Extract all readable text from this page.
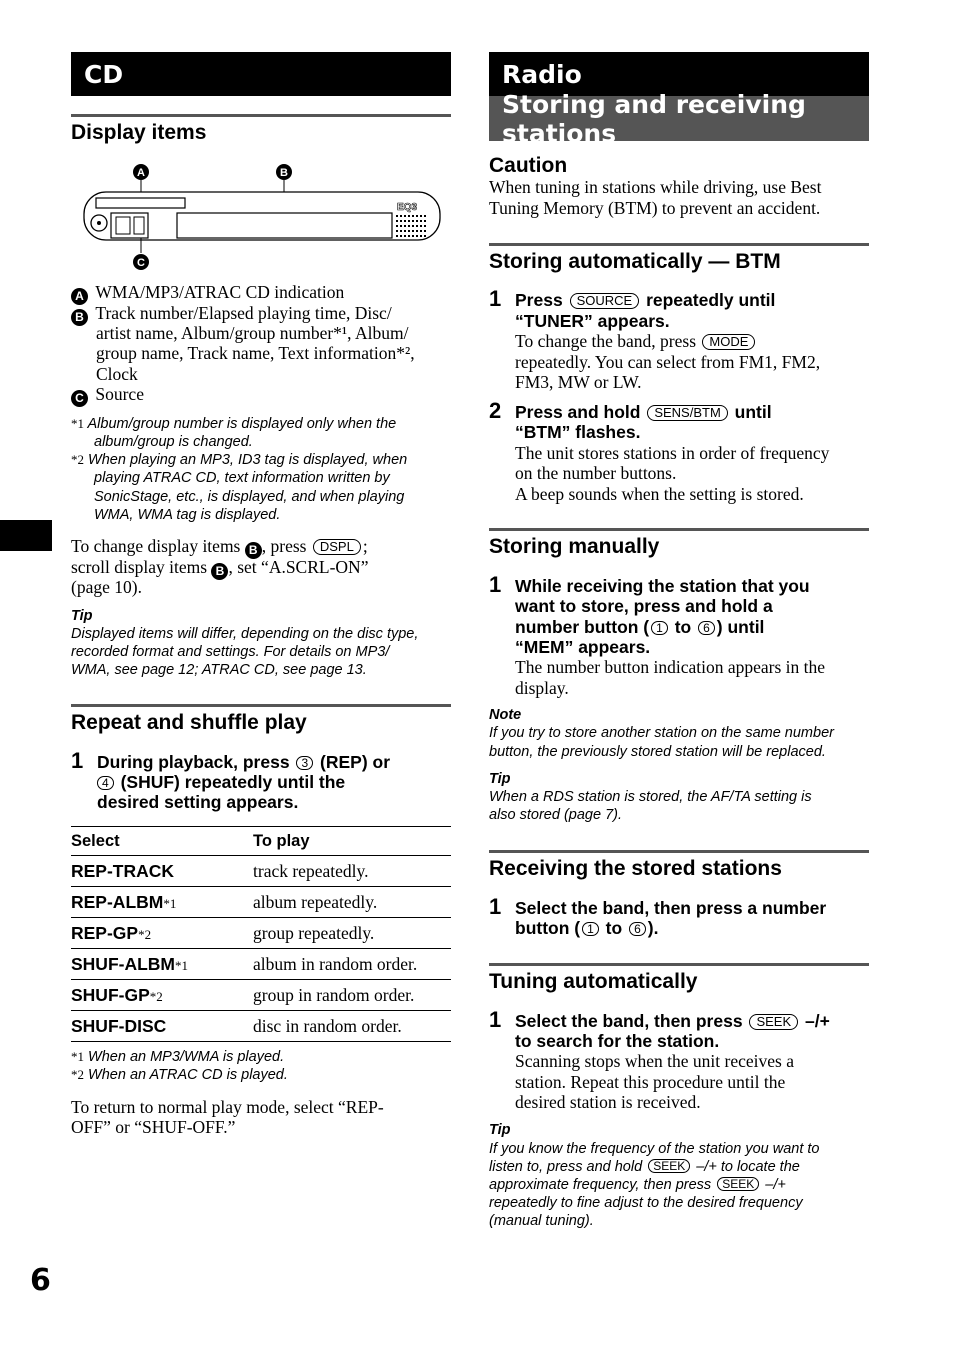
CD
Display items
A	B
EQ3
C
A WMA/MP3/ATRAC CD indication
B Track number/Elapsed playing time, Disc/
artist name, Album/group number*¹, Album/
group name, Track name, Text information*²,
Clock
C Source
*1 Album/group number is displayed only when the
album/group is changed.
*2 When playing an MP3, ID3 tag is displayed, when
playing ATRAC CD, text information written by
SonicStage, etc., is displayed, and when playing
WMA, WMA tag is displayed.
To change display items B , press DSPL ;
scroll display items B , set “A.SCRL-ON”
(page 10).
Tip
Displayed items will differ, depending on the disc type,
recorded format and settings. For details on MP3/
WMA, see page 12; ATRAC CD, see page 13.
Repeat and shuffle play
1 During playback, press 3 (REP) or
4 (SHUF) repeatedly until the
desired setting appears.
Select	To play
REP-TRACK	track repeatedly.
REP-ALBM*1	album repeatedly.
REP-GP*2	group repeatedly.
SHUF-ALBM*1	album in random order.
SHUF-GP*2	group in random order.
SHUF-DISC	disc in random order.
*1 When an MP3/WMA is played.
*2 When an ATRAC CD is played.
To return to normal play mode, select “REP-
OFF” or “SHUF-OFF.”
Radio
Storing and receiving stations
Caution
When tuning in stations while driving, use Best
Tuning Memory (BTM) to prevent an accident.
Storing automatically — BTM
1 Press SOURCE repeatedly until
“TUNER” appears.
To change the band, press MODE
repeatedly. You can select from FM1, FM2,
FM3, MW or LW.
2 Press and hold SENS/BTM until
“BTM” flashes.
The unit stores stations in order of frequency
on the number buttons.
A beep sounds when the setting is stored.
Storing manually
1 While receiving the station that you
want to store, press and hold a
number button ( 1 to 6 ) until
“MEM” appears.
The number button indication appears in the
display.
Note
If you try to store another station on the same number
button, the previously stored station will be replaced.
Tip
When a RDS station is stored, the AF/TA setting is
also stored (page 7).
Receiving the stored stations
1 Select the band, then press a number
button ( 1 to 6 ).
Tuning automatically
1 Select the band, then press SEEK –/+
to search for the station.
Scanning stops when the unit receives a
station. Repeat this procedure until the
desired station is received.
Tip
If you know the frequency of the station you want to
listen to, press and hold SEEK –/+ to locate the
approximate frequency, then press SEEK –/+
repeatedly to fine adjust to the desired frequency
(manual tuning).
6
